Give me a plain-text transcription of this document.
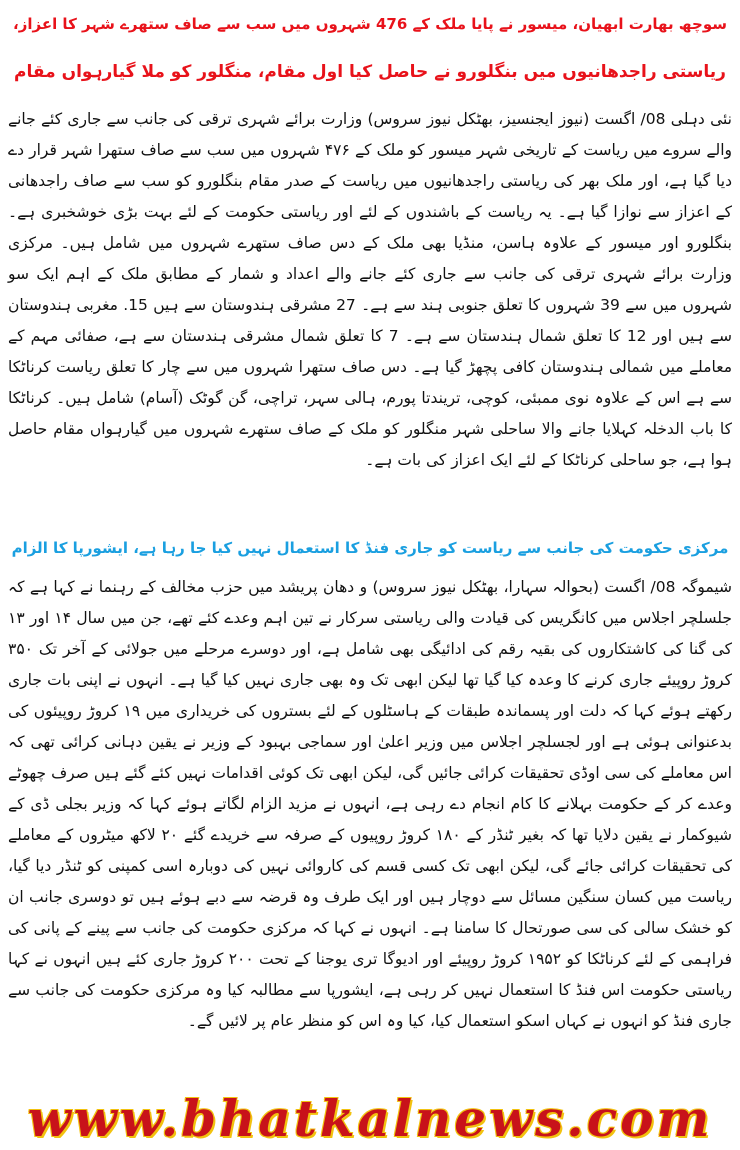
سوچھ بھارت ابھیان، میسور نے پایا ملک کے 476 شہروں میں سب سے صاف ستھرے شہر کا اعزاز،
ریاستی راجدھانیوں میں بنگلورو نے حاصل کیا اول مقام، منگلور کو ملا گیارہواں مقام

نئی دہلی 08/ اگست (نیوز ایجنسیز، بھٹکل نیوز سروس) وزارت برائے شہری ترقی کی جانب سے جاری کئے جانے والے سروے میں ریاست کے تاریخی شہر میسور کو ملک کے ۴۷۶ شہروں میں سب سے صاف ستھرا شہر قرار دے دیا گیا ہے، اور ملک بھر کی ریاستی راجدھانیوں میں ریاست کے صدر مقام بنگلورو کو سب سے صاف راجدھانی کے اعزاز سے نوازا گیا ہے۔ یہ ریاست کے باشندوں کے لئے اور ریاستی حکومت کے لئے بہت بڑی خوشخبری ہے۔ بنگلورو اور میسور کے علاوہ ہاسن، منڈیا بھی ملک کے دس صاف ستھرے شہروں میں شامل ہیں۔ مرکزی وزارت برائے شہری ترقی کی جانب سے جاری کئے جانے والے اعداد و شمار کے مطابق ملک کے اہم ایک سو شہروں میں سے 39 شہروں کا تعلق جنوبی ہند سے ہے۔ 27 مشرقی ہندوستان سے ہیں 15. مغربی ہندوستان سے ہیں اور 12 کا تعلق شمال ہندستان سے ہے۔ 7 کا تعلق شمال مشرقی ہندستان سے ہے، صفائی مہم کے معاملے میں شمالی ہندوستان کافی پچھڑ گیا ہے۔ دس صاف ستھرا شہروں میں سے چار کا تعلق ریاست کرناٹکا سے ہے اس کے علاوہ نوی ممبئی، کوچی، تریندتا پورم، ہالی سہر، تراچی، گن گوٹک (آسام) شامل ہیں۔ کرناٹکا کا باب الدخلہ کہلایا جانے والا ساحلی شہر منگلور کو ملک کے صاف ستھرے شہروں میں گیارہواں مقام حاصل ہوا ہے، جو ساحلی کرناٹکا کے لئے ایک اعزاز کی بات ہے۔

مرکزی حکومت کی جانب سے ریاست کو جاری فنڈ کا استعمال نہیں کیا جا رہا ہے، ایشورپا کا الزام

شیموگہ 08/ اگست (بحوالہ سہارا، بھٹکل نیوز سروس) و دھان پریشد میں حزب مخالف کے رہنما نے کہا ہے کہ جلسلچر اجلاس میں کانگریس کی قیادت والی ریاستی سرکار نے تین اہم وعدے کئے تھے، جن میں سال ۱۴ اور ۱۳ کی گنا کی کاشتکاروں کی بقیہ رقم کی ادائیگی بھی شامل ہے، اور دوسرے مرحلے میں جولائی کے آخر تک ۳۵۰ کروڑ روپیئے جاری کرنے کا وعدہ کیا گیا تھا لیکن ابھی تک وہ بھی جاری نہیں کیا گیا ہے۔ انہوں نے اپنی بات جاری رکھتے ہوئے کہا کہ دلت اور پسماندہ طبقات کے ہاسٹلوں کے لئے بستروں کی خریداری میں ۱۹ کروڑ روپیئوں کی بدعنوانی ہوئی ہے اور لجسلچر اجلاس میں وزیر اعلیٰ اور سماجی بہبود کے وزیر نے یقین دہانی کرائی تھی کہ اس معاملے کی سی اوڈی تحقیقات کرائی جائیں گی، لیکن ابھی تک کوئی اقدامات نہیں کئے گئے ہیں صرف چھوٹے وعدے کر کے حکومت بہلانے کا کام انجام دے رہی ہے، انہوں نے مزید الزام لگاتے ہوئے کہا کہ وزیر بجلی ڈی کے شیوکمار نے یقین دلایا تھا کہ بغیر ٹنڈر کے ۱۸۰ کروڑ روپیوں کے صرفہ سے خریدے گئے ۲۰ لاکھ میٹروں کے معاملے کی تحقیقات کرائی جائے گی، لیکن ابھی تک کسی قسم کی کاروائی نہیں کی دوبارہ اسی کمپنی کو ٹنڈر دیا گیا، ریاست میں کسان سنگین مسائل سے دوچار ہیں اور ایک طرف وہ قرضہ سے دبے ہوئے ہیں تو دوسری جانب ان کو خشک سالی کی سی صورتحال کا سامنا ہے۔ انہوں نے کہا کہ مرکزی حکومت کی جانب سے پینے کے پانی کی فراہمی کے لئے کرناٹکا کو ۱۹۵۲ کروڑ روپیئے اور ادیوگا تری یوجنا کے تحت ۲۰۰ کروڑ جاری کئے ہیں انہوں نے کہا ریاستی حکومت اس فنڈ کا استعمال نہیں کر رہی ہے، ایشورپا سے مطالبہ کیا وہ مرکزی حکومت کی جانب سے جاری فنڈ کو انہوں نے کہاں اسکو استعمال کیا، کیا وہ اس کو منظر عام پر لائیں گے۔

www.bhatkalnews.com
